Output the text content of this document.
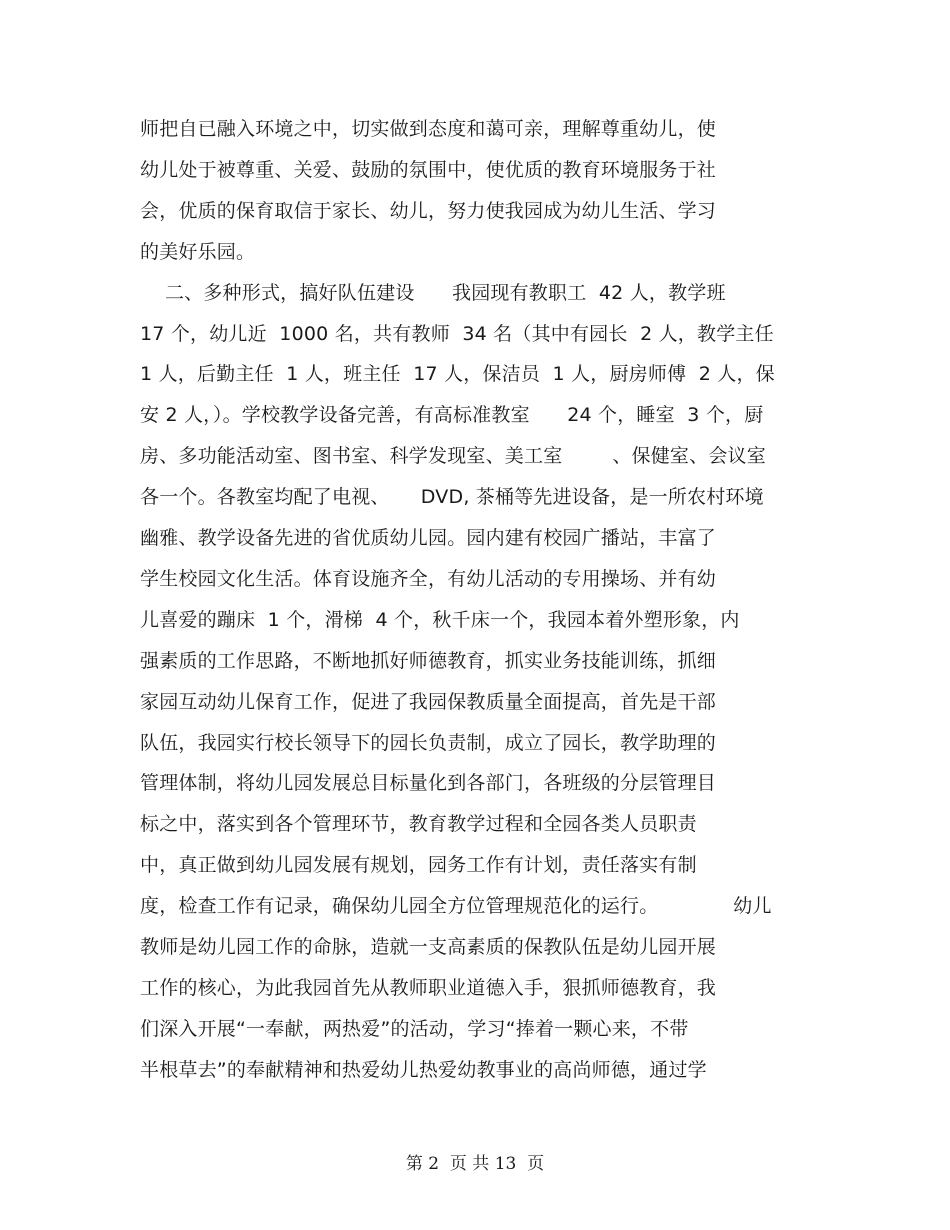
师把自已融入环境之中，切实做到态度和蔼可亲，理解尊重幼儿，使
幼儿处于被尊重、关爱、鼓励的氛围中，使优质的教育环境服务于社
会，优质的保育取信于家长、幼儿，努力使我园成为幼儿生活、学习
的美好乐园。
二、多种形式，搞好队伍建设      我园现有教职工  42 人，教学班
17 个，幼儿近  1000 名，共有教师  34 名（其中有园长  2 人，教学主任
1 人，后勤主任  1 人，班主任  17 人，保洁员  1 人，厨房师傅  2 人，保
安 2 人，）。学校教学设备完善，有高标准教室      24 个，睡室  3 个，厨
房、多功能活动室、图书室、科学发现室、美工室        、保健室、会议室
各一个。各教室均配了电视、     DVD, 茶桶等先进设备，是一所农村环境
幽雅、教学设备先进的省优质幼儿园。园内建有校园广播站，丰富了
学生校园文化生活。体育设施齐全，有幼儿活动的专用操场、并有幼
儿喜爱的蹦床  1 个，滑梯  4 个，秋千床一个，我园本着外塑形象，内
强素质的工作思路，不断地抓好师德教育，抓实业务技能训练，抓细
家园互动幼儿保育工作，促进了我园保教质量全面提高，首先是干部
队伍，我园实行校长领导下的园长负责制，成立了园长，教学助理的
管理体制，将幼儿园发展总目标量化到各部门，各班级的分层管理目
标之中，落实到各个管理环节，教育教学过程和全园各类人员职责
中，真正做到幼儿园发展有规划，园务工作有计划，责任落实有制
度，检查工作有记录，确保幼儿园全方位管理规范化的运行。            幼儿
教师是幼儿园工作的命脉，造就一支高素质的保教队伍是幼儿园开展
工作的核心，为此我园首先从教师职业道德入手，狠抓师德教育，我
们深入开展“一奉献，两热爱”的活动，学习“捧着一颗心来，不带
半根草去”的奉献精神和热爱幼儿热爱幼教事业的高尚师德，通过学
第 2  页 共 13  页
